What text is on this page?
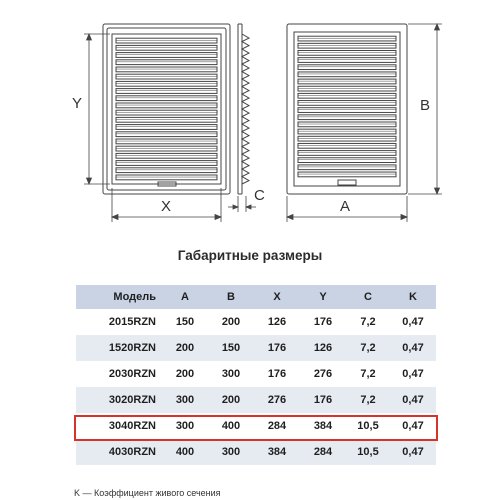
Y
X
C
B
A
Габаритные размеры
Модель	A	B	X	Y	C	K
2015RZN	150	200	126	176	7,2	0,47
1520RZN	200	150	176	126	7,2	0,47
2030RZN	200	300	176	276	7,2	0,47
3020RZN	300	200	276	176	7,2	0,47
3040RZN	300	400	284	384	10,5	0,47
4030RZN	400	300	384	284	10,5	0,47
K — Коэффициент живого сечения
